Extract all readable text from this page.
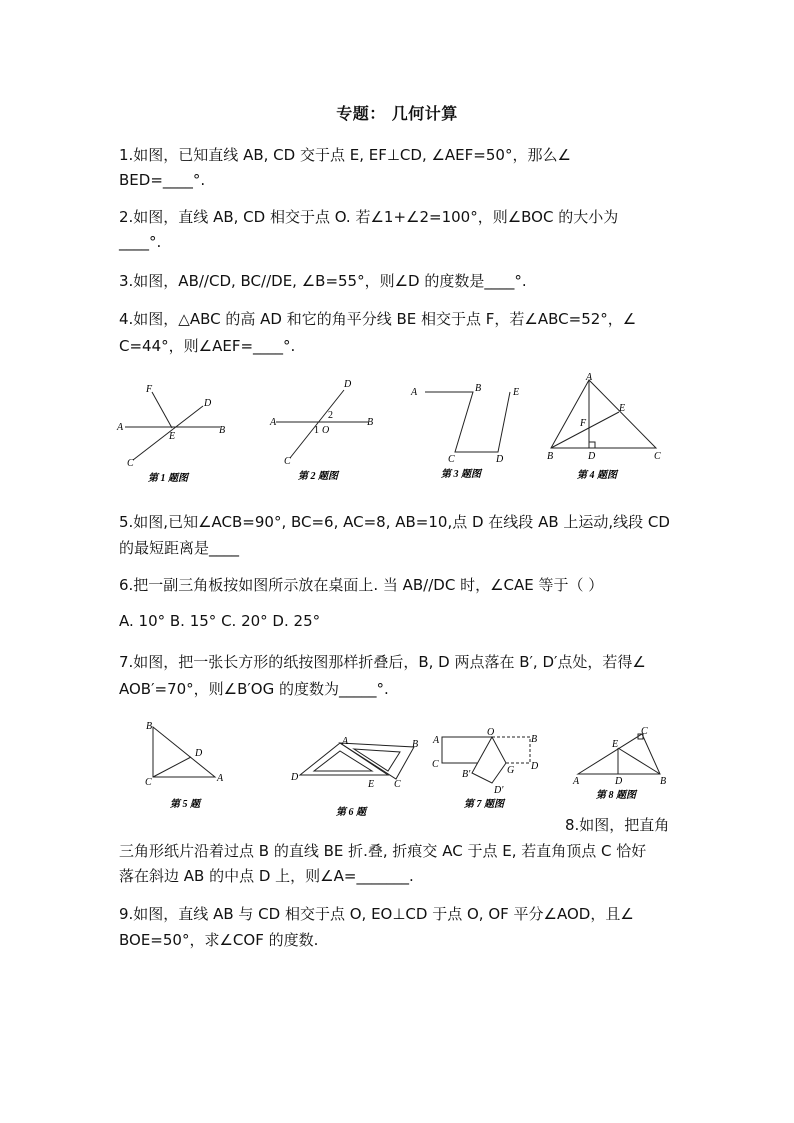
专题： 几何计算
1.如图，已知直线 AB, CD 交于点 E, EF⊥CD, ∠AEF=50°，那么∠
BED=____°.
2.如图，直线 AB, CD 相交于点 O. 若∠1+∠2=100°，则∠BOC 的大小为
____°.
3.如图，AB//CD, BC//DE, ∠B=55°，则∠D 的度数是____°.
4.如图，△ABC 的高 AD 和它的角平分线 BE 相交于点 F，若∠ABC=52°，∠
C=44°，则∠AEF=____°.
F
D
A
E
B
C
第 1 题图
D
2
A
1 O
B
C
第 2 题图
A	B	E
C	D
第 3 题图
A
E
F
B	D	C
第 4 题图
5.如图,已知∠ACB=90°, BC=6, AC=8, AB=10,点 D 在线段 AB 上运动,线段 CD
的最短距离是____
6.把一副三角板按如图所示放在桌面上. 当 AB//DC 时，∠CAE 等于（ ）
A. 10° B. 15° C. 20° D. 25°
7.如图，把一张长方形的纸按图那样折叠后，B, D 两点落在 B′, D′点处，若得∠
AOB′=70°，则∠B′OG 的度数为_____°.
B
D
C	A
第 5 题
A	B
D
E C
第 6 题
A
O
B
C
B'	G D
D'
第 7 题图
C
E
B
A	D
第 8 题图
8.如图，把直角
三角形纸片沿着过点 B 的直线 BE 折.叠, 折痕交 AC 于点 E, 若直角顶点 C 恰好
落在斜边 AB 的中点 D 上，则∠A=_______.
9.如图，直线 AB 与 CD 相交于点 O, EO⊥CD 于点 O, OF 平分∠AOD，且∠
BOE=50°，求∠COF 的度数.
